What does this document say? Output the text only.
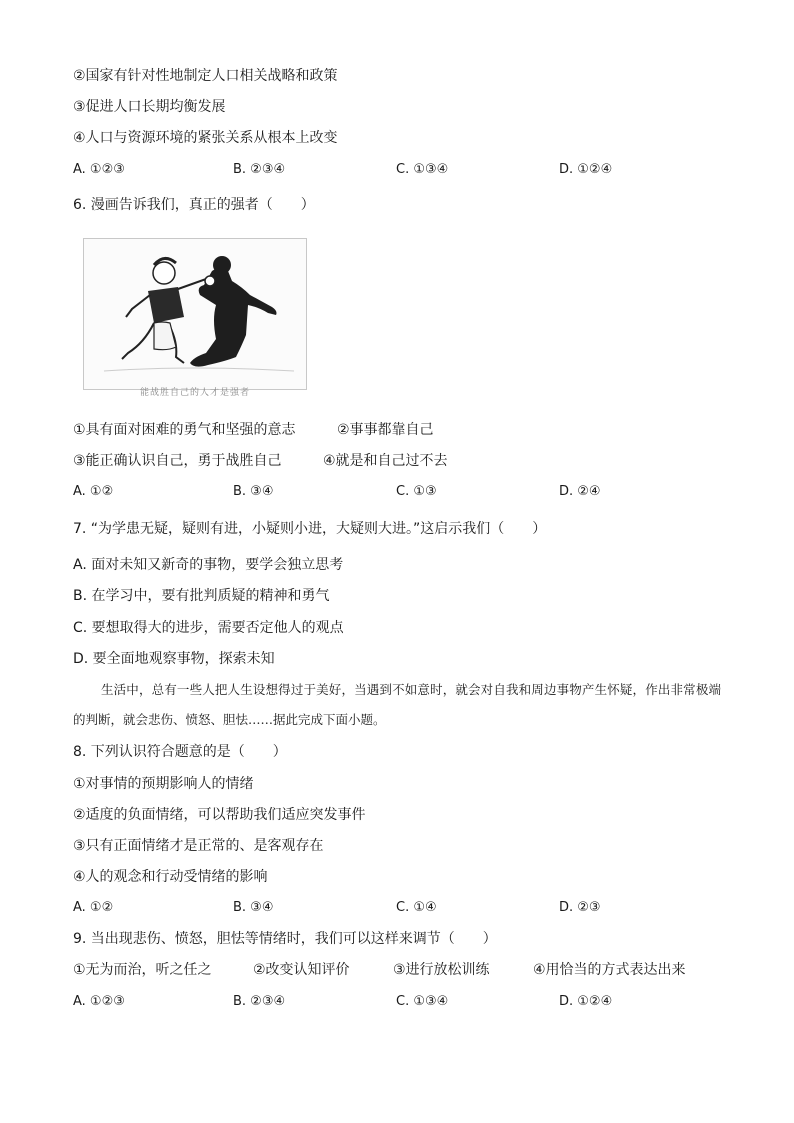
②国家有针对性地制定人口相关战略和政策
③促进人口长期均衡发展
④人口与资源环境的紧张关系从根本上改变
A. ①②③	B. ②③④	C. ①③④	D. ①②④
6. 漫画告诉我们，真正的强者（　　）
能战胜自己的人才是强者
①具有面对困难的勇气和坚强的意志	②事事都靠自己
③能正确认识自己，勇于战胜自己	④就是和自己过不去
A. ①②	B. ③④	C. ①③	D. ②④
7. “为学患无疑，疑则有进，小疑则小进，大疑则大进。”这启示我们（　　）
A. 面对未知又新奇的事物，要学会独立思考
B. 在学习中，要有批判质疑的精神和勇气
C. 要想取得大的进步，需要否定他人的观点
D. 要全面地观察事物，探索未知
生活中，总有一些人把人生设想得过于美好，当遇到不如意时，就会对自我和周边事物产生怀疑，作出非常极端的判断，就会悲伤、愤怒、胆怯……据此完成下面小题。
8. 下列认识符合题意的是（　　）
①对事情的预期影响人的情绪
②适度的负面情绪，可以帮助我们适应突发事件
③只有正面情绪才是正常的、是客观存在
④人的观念和行动受情绪的影响
A. ①②	B. ③④	C. ①④	D. ②③
9. 当出现悲伤、愤怒，胆怯等情绪时，我们可以这样来调节（　　）
①无为而治，听之任之	②改变认知评价	③进行放松训练	④用恰当的方式表达出来
A. ①②③	B. ②③④	C. ①③④	D. ①②④
